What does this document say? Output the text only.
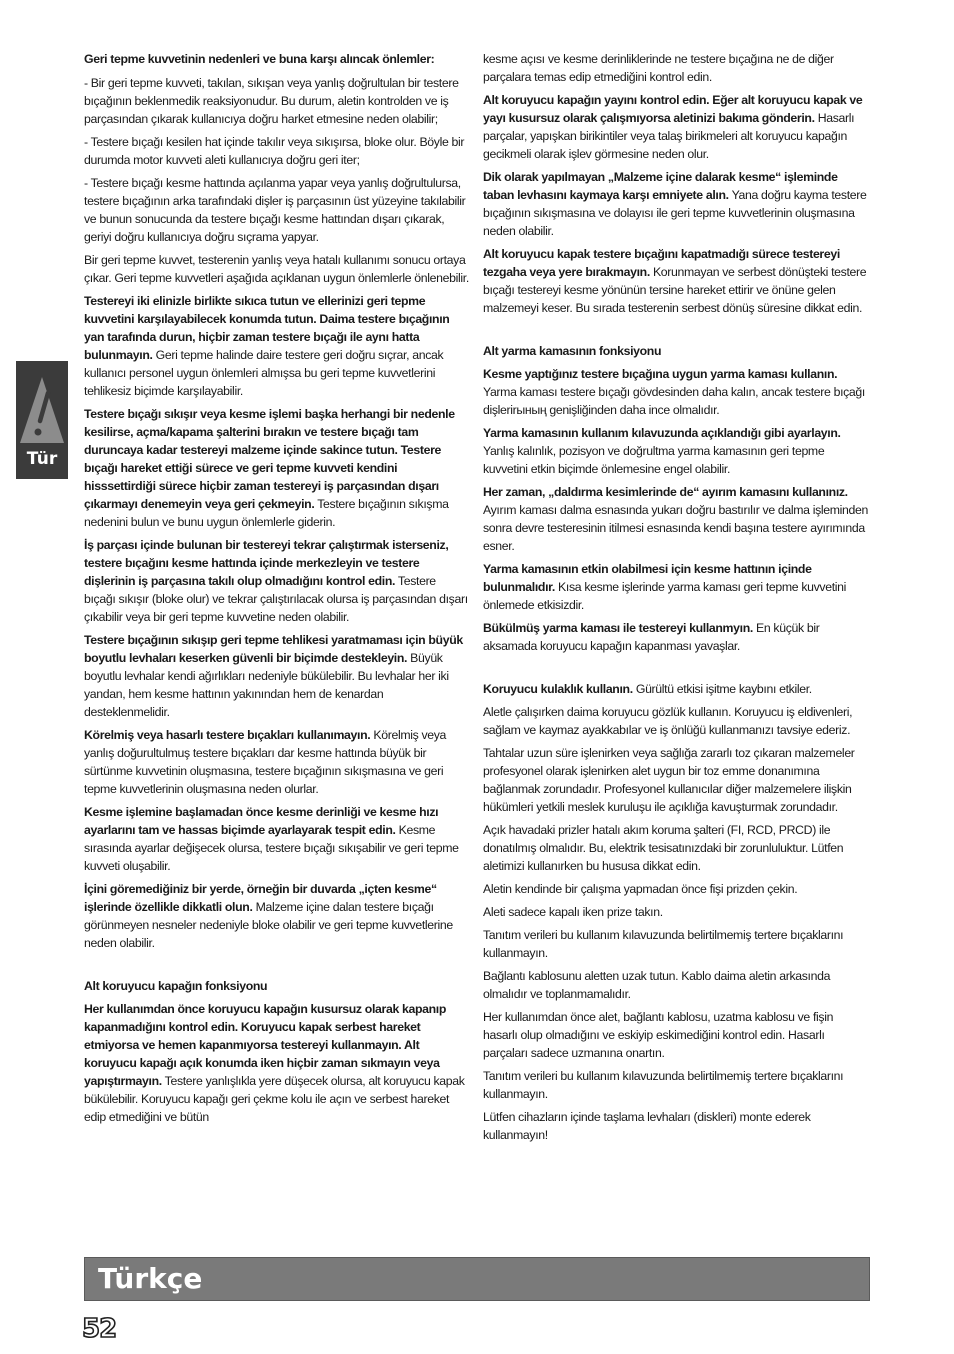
Tür

Geri tepme kuvvetinin nedenleri ve buna karşı alıncak önlemler:

- Bir geri tepme kuvveti, takılan, sıkışan veya yanlış doğrultulan bir testere bıçağının beklenmedik reaksiyonudur. Bu durum, aletin kontrolden ve iş parçasından çıkarak kullanıcıya doğru harket etmesine neden olabilir;

- Testere bıçağı kesilen hat içinde takılır veya sıkışırsa, bloke olur. Böyle bir durumda motor kuvveti aleti kullanıcıya doğru geri iter;

- Testere bıçağı kesme hattında açılanma yapar veya yanlış doğrultulursa, testere bıçağının arka tarafındaki dişler iş parçasının üst yüzeyine takılabilir ve bunun sonucunda da testere bıçağı kesme hattından dışarı çıkarak, geriyi doğru kullanıcıya doğru sıçrama yapyar.

Bir geri tepme kuvvet, testerenin yanlış veya hatalı kullanımı sonucu ortaya çıkar. Geri tepme kuvvetleri aşağıda açıklanan uygun önlemlerle önlenebilir.

Testereyi iki elinizle birlikte sıkıca tutun ve ellerinizi geri tepme kuvvetini karşılayabilecek konumda tutun. Daima testere bıçağının yan tarafında durun, hiçbir zaman testere bıçağı ile aynı hatta bulunmayın. Geri tepme halinde daire testere geri doğru sıçrar, ancak kullanıcı personel uygun önlemleri almışsa bu geri tepme kuvvetlerini tehlikesiz biçimde karşılayabilir.

Testere bıçağı sıkışır veya kesme işlemi başka herhangi bir nedenle kesilirse, açma/kapama şalterini bırakın ve testere bıçağı tam duruncaya kadar testereyi malzeme içinde sakince tutun. Testere bıçağı hareket ettiği sürece ve geri tepme kuvveti kendini hisssettirdiği sürece hiçbir zaman testereyi iş parçasından dışarı çıkarmayı denemeyin veya geri çekmeyin. Testere bıçağının sıkışma nedenini bulun ve bunu uygun önlemlerle giderin.

İş parçası içinde bulunan bir testereyi tekrar çalıştırmak isterseniz, testere bıçağını kesme hattında içinde merkezleyin ve testere dişlerinin iş parçasına takılı olup olmadığını kontrol edin. Testere bıçağı sıkışır (bloke olur) ve tekrar çalıştırılacak olursa iş parçasından dışarı çıkabilir veya bir geri tepme kuvvetine neden olabilir.

Testere bıçağının sıkışıp geri tepme tehlikesi yaratmaması için büyük boyutlu levhaları keserken güvenli bir biçimde destekleyin. Büyük boyutlu levhalar kendi ağırlıkları nedeniyle bükülebilir. Bu levhalar her iki yandan, hem kesme hattının yakınından hem de kenardan desteklenmelidir.

Körelmiş veya hasarlı testere bıçakları kullanımayın. Körelmiş veya yanlış doğurultulmuş testere bıçakları dar kesme hattında büyük bir sürtünme kuvvetinin oluşmasına, testere bıçağının sıkışmasına ve geri tepme kuvvetlerinin oluşmasına neden olurlar.

Kesme işlemine başlamadan önce kesme derinliği ve kesme hızı ayarlarını tam ve hassas biçimde ayarlayarak tespit edin. Kesme sırasında ayarlar değişecek olursa, testere bıçağı sıkışabilir ve geri tepme kuvveti oluşabilir.

İçini göremediğiniz bir yerde, örneğin bir duvarda „içten kesme“ işlerinde özellikle dikkatli olun. Malzeme içine dalan testere bıçağı görünmeyen nesneler nedeniyle bloke olabilir ve geri tepme kuvvetlerine neden olabilir.

Alt koruyucu kapağın fonksiyonu

Her kullanımdan önce koruyucu kapağın kusursuz olarak kapanıp kapanmadığını kontrol edin. Koruyucu kapak serbest hareket etmiyorsa ve hemen kapanmıyorsa testereyi kullanmayın. Alt koruyucu kapağı açık konumda iken hiçbir zaman sıkmayın veya yapıştırmayın. Testere yanlışlıkla yere düşecek olursa, alt koruyucu kapak bükülebilir. Koruyucu kapağı geri çekme kolu ile açın ve serbest hareket edip etmediğini ve bütün

kesme açısı ve kesme derinliklerinde ne testere bıçağına ne de diğer parçalara temas edip etmediğini kontrol edin.

Alt koruyucu kapağın yayını kontrol edin. Eğer alt koruyucu kapak ve yayı kusursuz olarak çalışmıyorsa aletinizi bakıma gönderin. Hasarlı parçalar, yapışkan birikintiler veya talaş birikmeleri alt koruyucu kapağın gecikmeli olarak işlev görmesine neden olur.

Dik olarak yapılmayan „Malzeme içine dalarak kesme“ işleminde taban levhasını kaymaya karşı emniyete alın. Yana doğru kayma testere bıçağının sıkışmasına ve dolayısı ile geri tepme kuvvetlerinin oluşmasına neden olabilir.

Alt koruyucu kapak testere bıçağını kapatmadığı sürece testereyi tezgaha veya yere bırakmayın. Korunmayan ve serbest dönüşteki testere bıçağı testereyi kesme yönünün tersine hareket ettirir ve önüne gelen malzemeyi keser. Bu sırada testerenin serbest dönüş süresine dikkat edin.

Alt yarma kamasının fonksiyonu

Kesme yaptığınız testere bıçağına uygun yarma kaması kullanın. Yarma kaması testere bıçağı gövdesinden daha kalın, ancak testere bıçağı dişlerirының genişliğinden daha ince olmalıdır.

Yarma kamasının kullanım kılavuzunda açıklandığı gibi ayarlayın. Yanlış kalınlık, pozisyon ve doğrultma yarma kamasının geri tepme kuvvetini etkin biçimde önlemesine engel olabilir.

Her zaman, „daldırma kesimlerinde de“ ayırım kamasını kullanınız. Ayırım kaması dalma esnasında yukarı doğru bastırılır ve dalma işleminden sonra devre testeresinin itilmesi esnasında kendi başına testere ayırımında esner.

Yarma kamasının etkin olabilmesi için kesme hattının içinde bulunmalıdır. Kısa kesme işlerinde yarma kaması geri tepme kuvvetini önlemede etkisizdir.

Bükülmüş yarma kaması ile testereyi kullanmyın. En küçük bir aksamada koruyucu kapağın kapanması yavaşlar.

Koruyucu kulaklık kullanın. Gürültü etkisi işitme kaybını etkiler.

Aletle çalışırken daima koruyucu gözlük kullanın. Koruyucu iş eldivenleri, sağlam ve kaymaz ayakkabılar ve iş önlüğü kullanmanızı tavsiye ederiz.

Tahtalar uzun süre işlenirken veya sağlığa zararlı toz çıkaran malzemeler profesyonel olarak işlenirken alet uygun bir toz emme donanımına bağlanmak zorundadır. Profesyonel kullanıcılar diğer malzemelere ilişkin hükümleri yetkili meslek kuruluşu ile açıklığa kavuşturmak zorundadır.

Açık havadaki prizler hatalı akım koruma şalteri (FI, RCD, PRCD) ile donatılmış olmalıdır. Bu, elektrik tesisatınızdaki bir zorunluluktur. Lütfen aletimizi kullanırken bu hususa dikkat edin.

Aletin kendinde bir çalışma yapmadan önce fişi prizden çekin.

Aleti sadece kapalı iken prize takın.

Tanıtım verileri bu kullanım kılavuzunda belirtilmemiş tertere bıçaklarını kullanmayın.

Bağlantı kablosunu aletten uzak tutun. Kablo daima aletin arkasında olmalıdır ve toplanmamalıdır.

Her kullanımdan önce alet, bağlantı kablosu, uzatma kablosu ve fişin hasarlı olup olmadığını ve eskiyip eskimediğini kontrol edin. Hasarlı parçaları sadece uzmanına onartın.

Tanıtım verileri bu kullanım kılavuzunda belirtilmemiş tertere bıçaklarını kullanmayın.

Lütfen cihazların içinde taşlama levhaları (diskleri) monte ederek kullanmayın!

Türkçe
52
